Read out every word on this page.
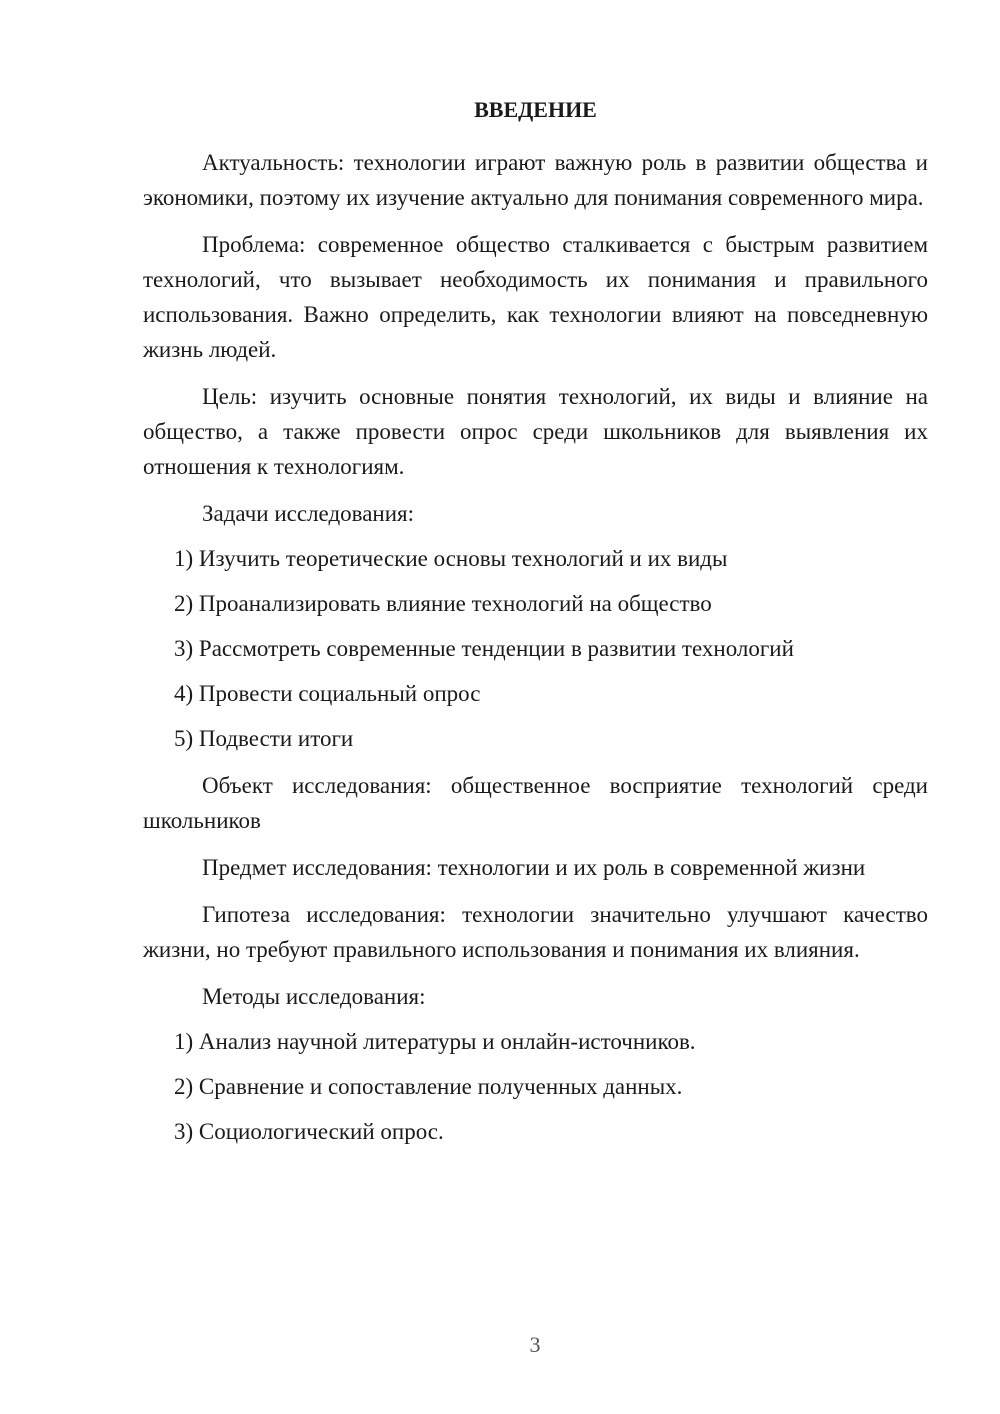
ВВЕДЕНИЕ

Актуальность: технологии играют важную роль в развитии общества и экономики, поэтому их изучение актуально для понимания современного мира.

Проблема: современное общество сталкивается с быстрым развитием технологий, что вызывает необходимость их понимания и правильного использования. Важно определить, как технологии влияют на повседневную жизнь людей.

Цель: изучить основные понятия технологий, их виды и влияние на общество, а также провести опрос среди школьников для выявления их отношения к технологиям.

Задачи исследования:

1) Изучить теоретические основы технологий и их виды
2) Проанализировать влияние технологий на общество
3) Рассмотреть современные тенденции в развитии технологий
4) Провести социальный опрос
5) Подвести итоги

Объект исследования: общественное восприятие технологий среди школьников

Предмет исследования: технологии и их роль в современной жизни

Гипотеза исследования: технологии значительно улучшают качество жизни, но требуют правильного использования и понимания их влияния.

Методы исследования:

1) Анализ научной литературы и онлайн-источников.
2) Сравнение и сопоставление полученных данных.
3) Социологический опрос.
3
